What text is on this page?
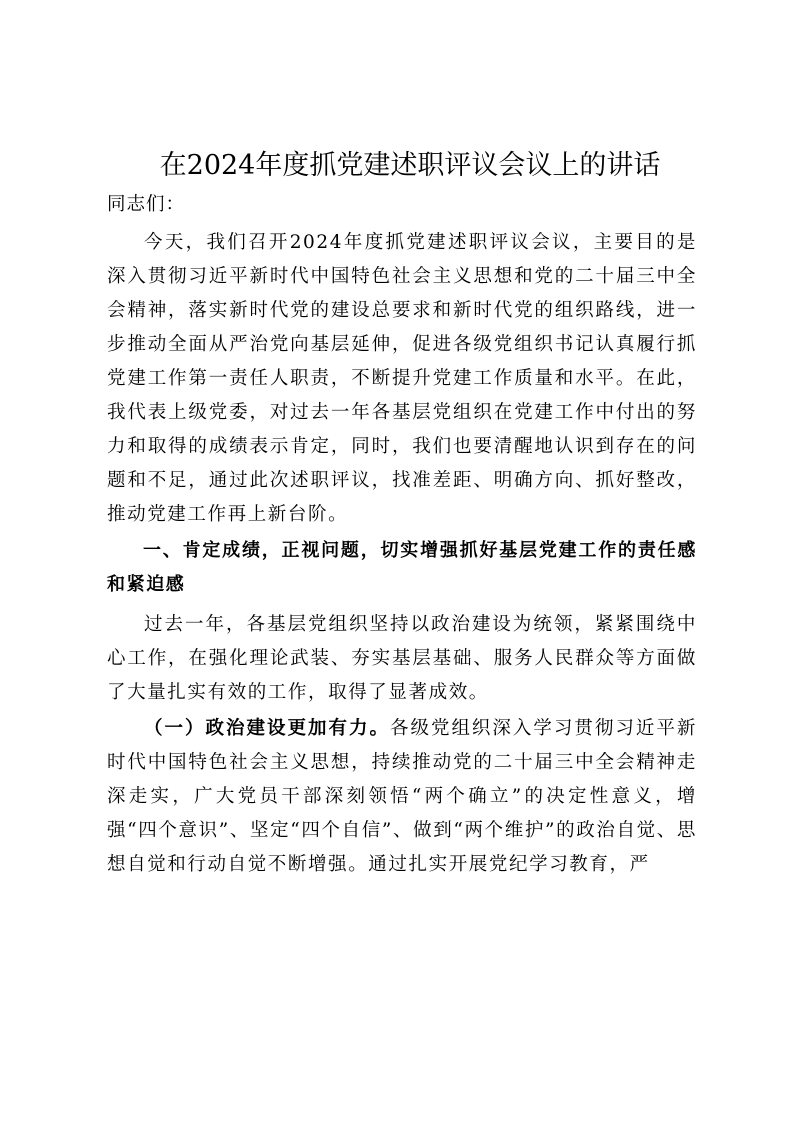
在2024年度抓党建述职评议会议上的讲话

同志们：

今天，我们召开2024年度抓党建述职评议会议，主要目的是深入贯彻习近平新时代中国特色社会主义思想和党的二十届三中全会精神，落实新时代党的建设总要求和新时代党的组织路线，进一步推动全面从严治党向基层延伸，促进各级党组织书记认真履行抓党建工作第一责任人职责，不断提升党建工作质量和水平。在此，我代表上级党委，对过去一年各基层党组织在党建工作中付出的努力和取得的成绩表示肯定，同时，我们也要清醒地认识到存在的问题和不足，通过此次述职评议，找准差距、明确方向、抓好整改，推动党建工作再上新台阶。

一、肯定成绩，正视问题，切实增强抓好基层党建工作的责任感和紧迫感

过去一年，各基层党组织坚持以政治建设为统领，紧紧围绕中心工作，在强化理论武装、夯实基层基础、服务人民群众等方面做了大量扎实有效的工作，取得了显著成效。

（一）政治建设更加有力。各级党组织深入学习贯彻习近平新时代中国特色社会主义思想，持续推动党的二十届三中全会精神走深走实，广大党员干部深刻领悟“两个确立”的决定性意义，增强“四个意识”、坚定“四个自信”、做到“两个维护”的政治自觉、思想自觉和行动自觉不断增强。通过扎实开展党纪学习教育，严
